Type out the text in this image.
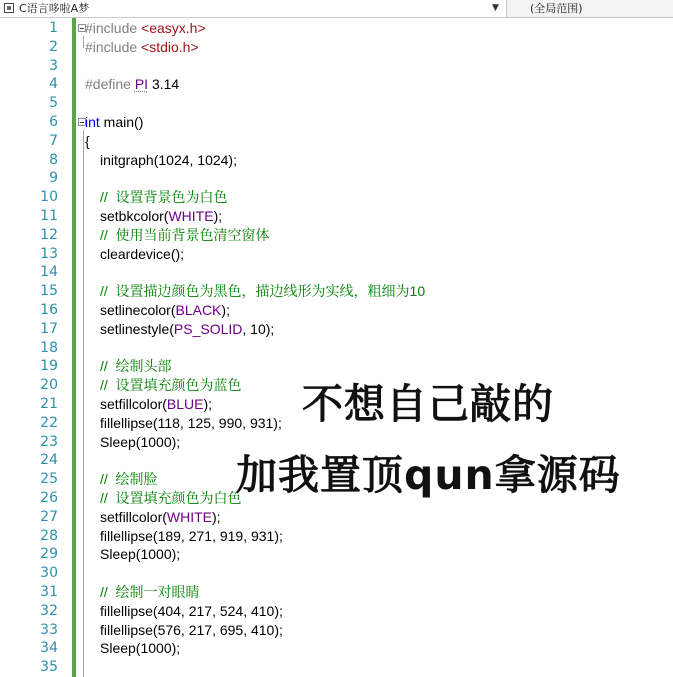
C语言哆啦A梦	▼	(全局范围)
1 #include <easyx.h>
2 #include <stdio.h>
3
4 #define PI 3.14
5
6 int main()
7 {
8	initgraph(1024, 1024);
9
10	//  设置背景色为白色
11	setbkcolor(WHITE);
12	//  使用当前背景色清空窗体
13	cleardevice();
14
15	//  设置描边颜色为黑色，描边线形为实线，粗细为10
16	setlinecolor(BLACK);
17	setlinestyle(PS_SOLID, 10);
18
19	//  绘制头部
20	//  设置填充颜色为蓝色
21	setfillcolor(BLUE);
22	fillellipse(118, 125, 990, 931);
23	Sleep(1000);
24
25	//  绘制脸
26	//  设置填充颜色为白色
27	setfillcolor(WHITE);
28	fillellipse(189, 271, 919, 931);
29	Sleep(1000);
30
31	//  绘制一对眼睛
32	fillellipse(404, 217, 524, 410);
33	fillellipse(576, 217, 695, 410);
34	Sleep(1000);
35
不想自己敲的
加我置顶qun拿源码
